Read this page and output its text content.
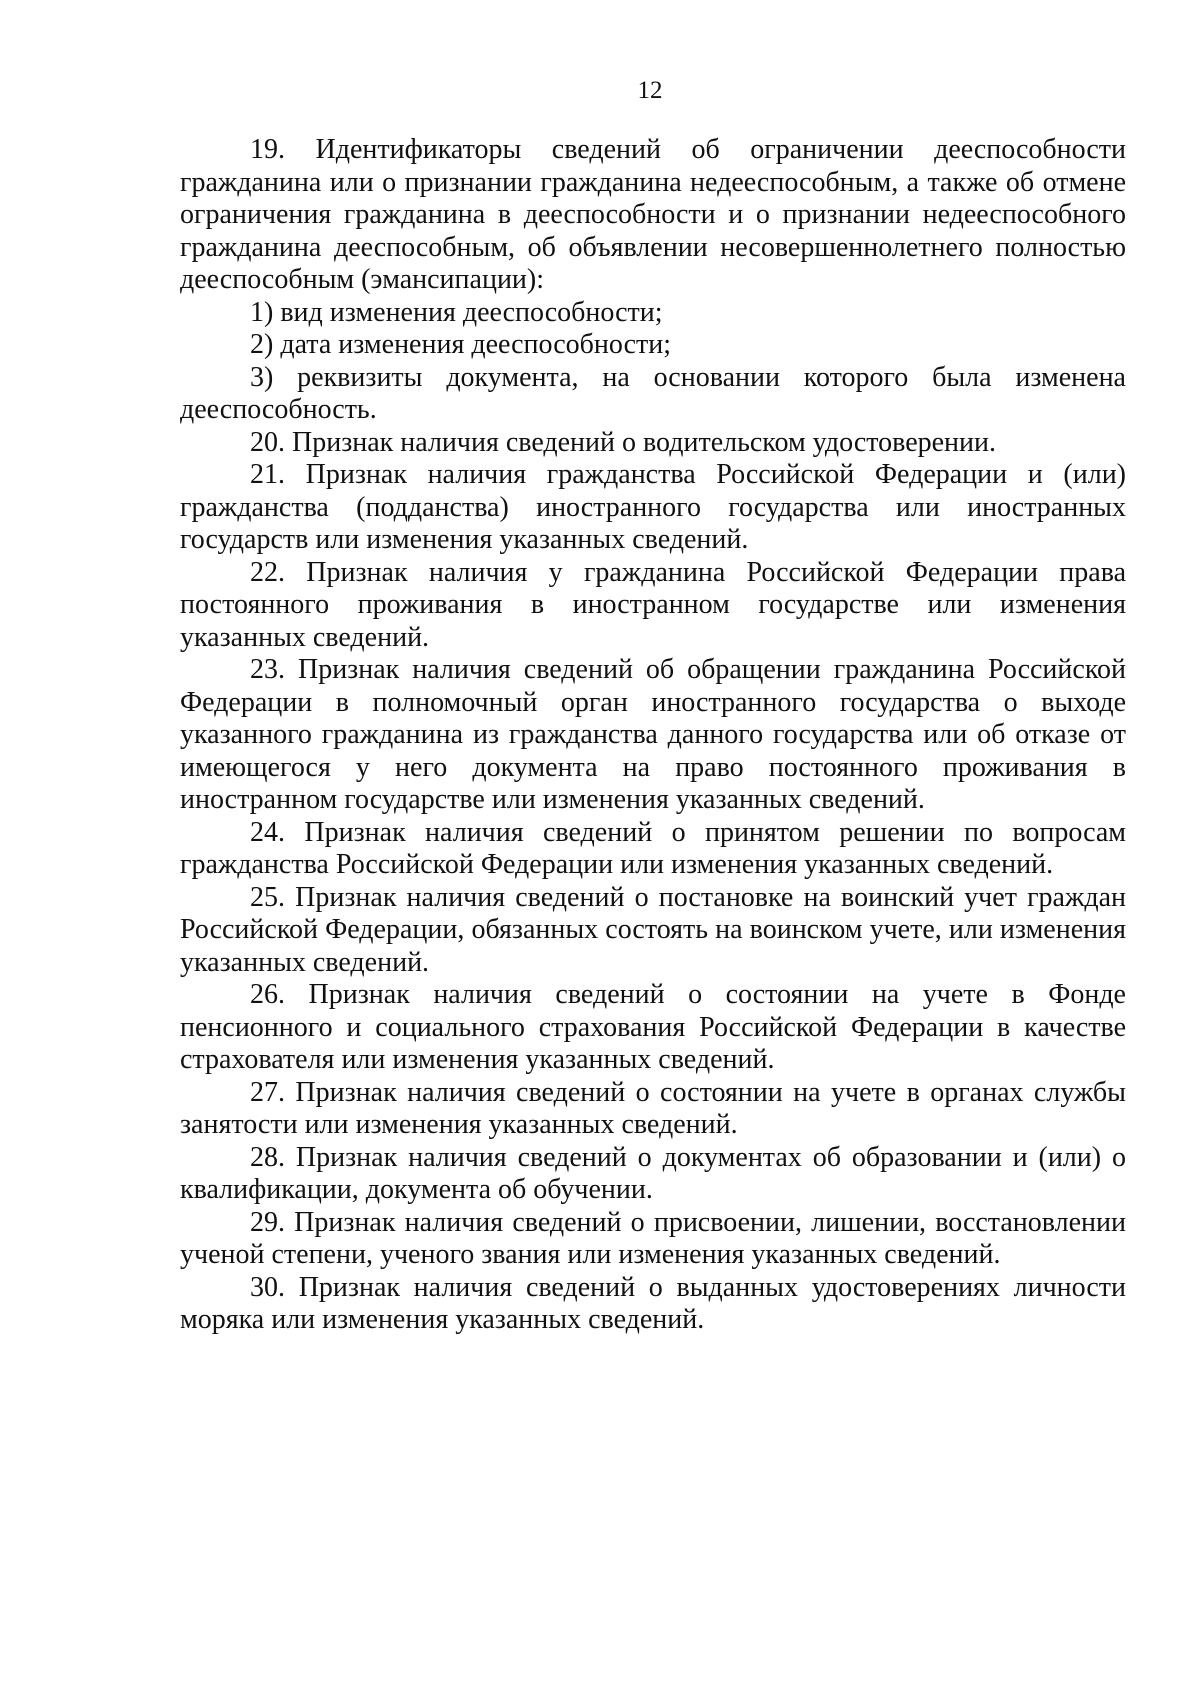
12

19. Идентификаторы сведений об ограничении дееспособности гражданина или о признании гражданина недееспособным, а также об отмене ограничения гражданина в дееспособности и о признании недееспособного гражданина дееспособным, об объявлении несовершеннолетнего полностью дееспособным (эмансипации):

1) вид изменения дееспособности;

2) дата изменения дееспособности;

3) реквизиты документа, на основании которого была изменена дееспособность.

20. Признак наличия сведений о водительском удостоверении.

21. Признак наличия гражданства Российской Федерации и (или) гражданства (подданства) иностранного государства или иностранных государств или изменения указанных сведений.

22. Признак наличия у гражданина Российской Федерации права постоянного проживания в иностранном государстве или изменения указанных сведений.

23. Признак наличия сведений об обращении гражданина Российской Федерации в полномочный орган иностранного государства о выходе указанного гражданина из гражданства данного государства или об отказе от имеющегося у него документа на право постоянного проживания в иностранном государстве или изменения указанных сведений.

24. Признак наличия сведений о принятом решении по вопросам гражданства Российской Федерации или изменения указанных сведений.

25. Признак наличия сведений о постановке на воинский учет граждан Российской Федерации, обязанных состоять на воинском учете, или изменения указанных сведений.

26. Признак наличия сведений о состоянии на учете в Фонде пенсионного и социального страхования Российской Федерации в качестве страхователя или изменения указанных сведений.

27. Признак наличия сведений о состоянии на учете в органах службы занятости или изменения указанных сведений.

28. Признак наличия сведений о документах об образовании и (или) о квалификации, документа об обучении.

29. Признак наличия сведений о присвоении, лишении, восстановлении ученой степени, ученого звания или изменения указанных сведений.

30. Признак наличия сведений о выданных удостоверениях личности моряка или изменения указанных сведений.
